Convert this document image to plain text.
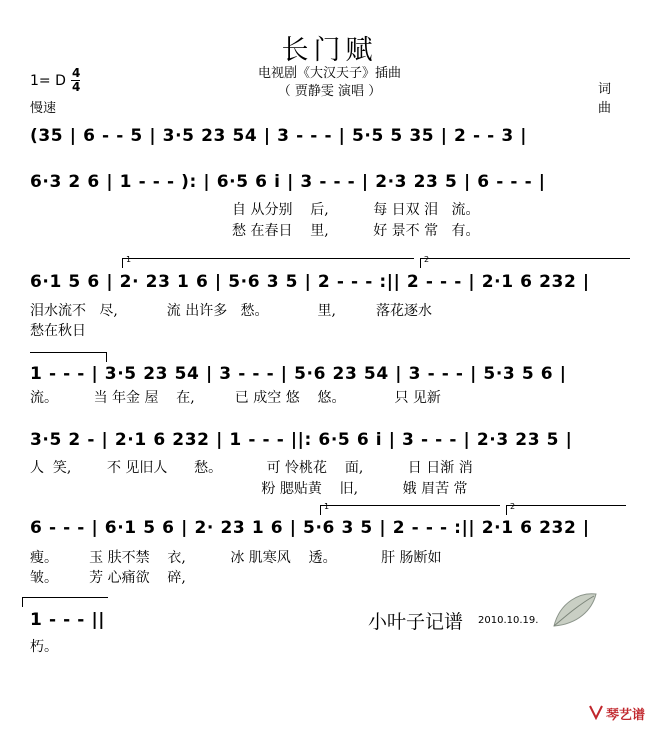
长门赋
电视剧《大汉天子》插曲
（ 贾静雯 演唱 ）
1= D 4
4
慢速
词
曲
(35 | 6 - - 5 | 3·5 23 54 | 3 - - - | 5·5 5 35 | 2 - - 3 |
6·3 2 6 | 1 - - - ): | 6·5 6 i | 3 - - - | 2·3 23 5 | 6 - - - |
自 从分别    后,          每 日双 泪   流。
愁 在春日    里,          好 景不 常   有。
1	2
6·1 5 6 | 2· 23 1 6 | 5·6 3 5 | 2 - - - :|| 2 - - - | 2·1 6 232 |
泪水流不   尽,           流 出许多   愁。           里,         落花逐水
愁在秋日
1 - - - | 3·5 23 54 | 3 - - - | 5·6 23 54 | 3 - - - | 5·3 5 6 |
流。        当 年金 屋    在,         已 成空 悠    悠。           只 见新
3·5 2 - | 2·1 6 232 | 1 - - - ||: 6·5 6 i | 3 - - - | 2·3 23 5 |
人  笑,        不 见旧人      愁。          可 怜桃花    面,          日 日渐 消
粉 腮贴黄    旧,          娥 眉苦 常
1	2
6 - - - | 6·1 5 6 | 2· 23 1 6 | 5·6 3 5 | 2 - - - :|| 2·1 6 232 |
瘦。       玉 肤不禁    衣,          冰 肌寒风    透。          肝 肠断如
皱。       芳 心痛欲    碎,
1 - - - ||
朽。
小叶子记谱 2010.10.19.
琴艺谱
